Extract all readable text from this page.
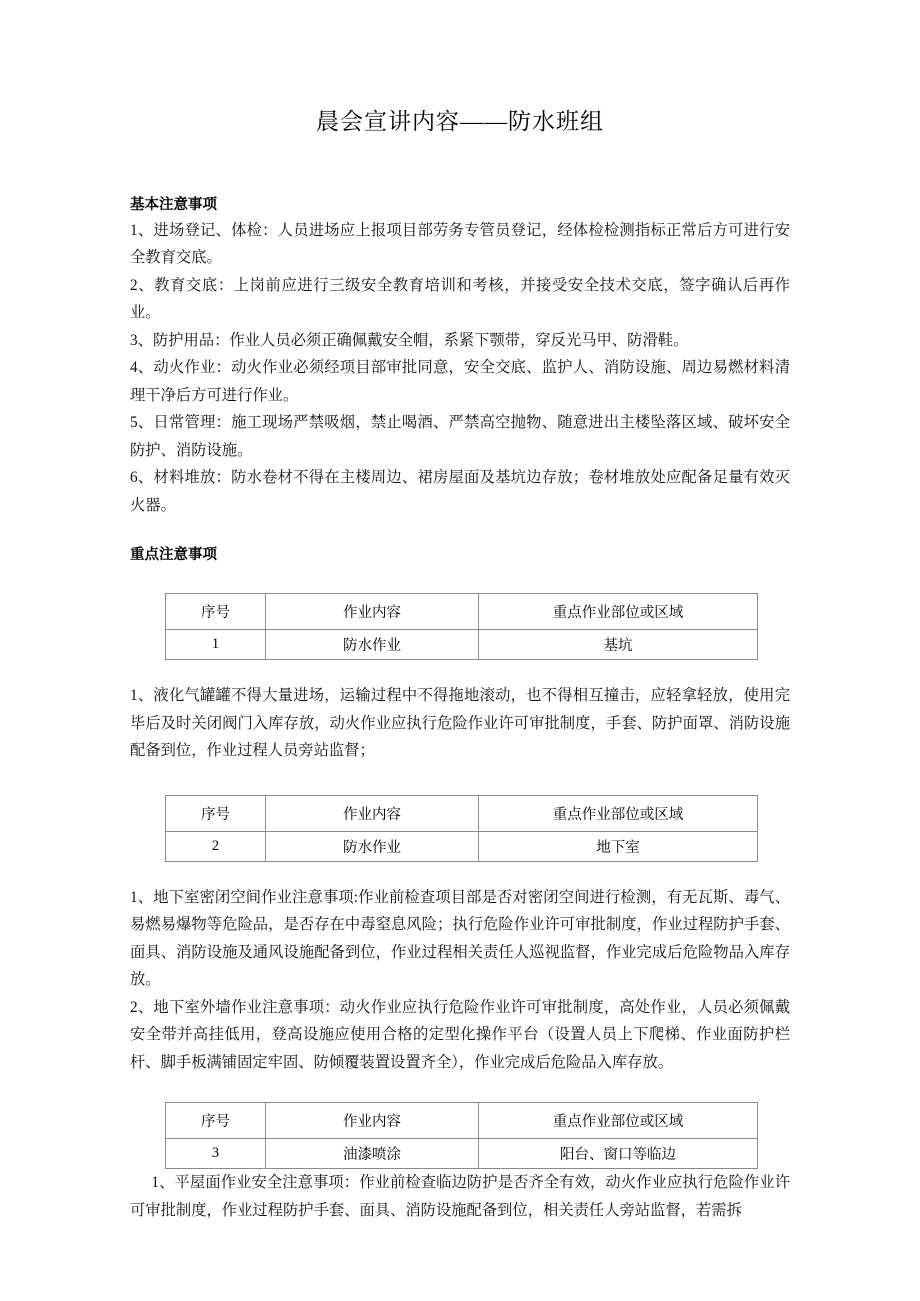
晨会宣讲内容——防水班组
基本注意事项

1、进场登记、体检：人员进场应上报项目部劳务专管员登记，经体检检测指标正常后方可进行安全教育交底。

2、教育交底：上岗前应进行三级安全教育培训和考核，并接受安全技术交底，签字确认后再作业。

3、防护用品：作业人员必须正确佩戴安全帽，系紧下颚带，穿反光马甲、防滑鞋。

4、动火作业：动火作业必须经项目部审批同意，安全交底、监护人、消防设施、周边易燃材料清理干净后方可进行作业。

5、日常管理：施工现场严禁吸烟，禁止喝酒、严禁高空抛物、随意进出主楼坠落区域、破坏安全防护、消防设施。

6、材料堆放：防水卷材不得在主楼周边、裙房屋面及基坑边存放；卷材堆放处应配备足量有效灭火器。

重点注意事项
序号	作业内容	重点作业部位或区域
1	防水作业	基坑

1、液化气罐罐不得大量进场，运输过程中不得拖地滚动，也不得相互撞击，应轻拿轻放，使用完毕后及时关闭阀门入库存放，动火作业应执行危险作业许可审批制度，手套、防护面罩、消防设施配备到位，作业过程人员旁站监督；

序号	作业内容	重点作业部位或区域
2	防水作业	地下室

1、地下室密闭空间作业注意事项:作业前检查项目部是否对密闭空间进行检测，有无瓦斯、毒气、易燃易爆物等危险品，是否存在中毒窒息风险；执行危险作业许可审批制度，作业过程防护手套、面具、消防设施及通风设施配备到位，作业过程相关责任人巡视监督，作业完成后危险物品入库存放。

2、地下室外墙作业注意事项：动火作业应执行危险作业许可审批制度，高处作业，人员必须佩戴安全带并高挂低用，登高设施应使用合格的定型化操作平台（设置人员上下爬梯、作业面防护栏杆、脚手板满铺固定牢固、防倾覆装置设置齐全），作业完成后危险品入库存放。

序号	作业内容	重点作业部位或区域
3	油漆喷涂	阳台、窗口等临边

1、平屋面作业安全注意事项：作业前检查临边防护是否齐全有效，动火作业应执行危险作业许可审批制度，作业过程防护手套、面具、消防设施配备到位，相关责任人旁站监督，若需拆
